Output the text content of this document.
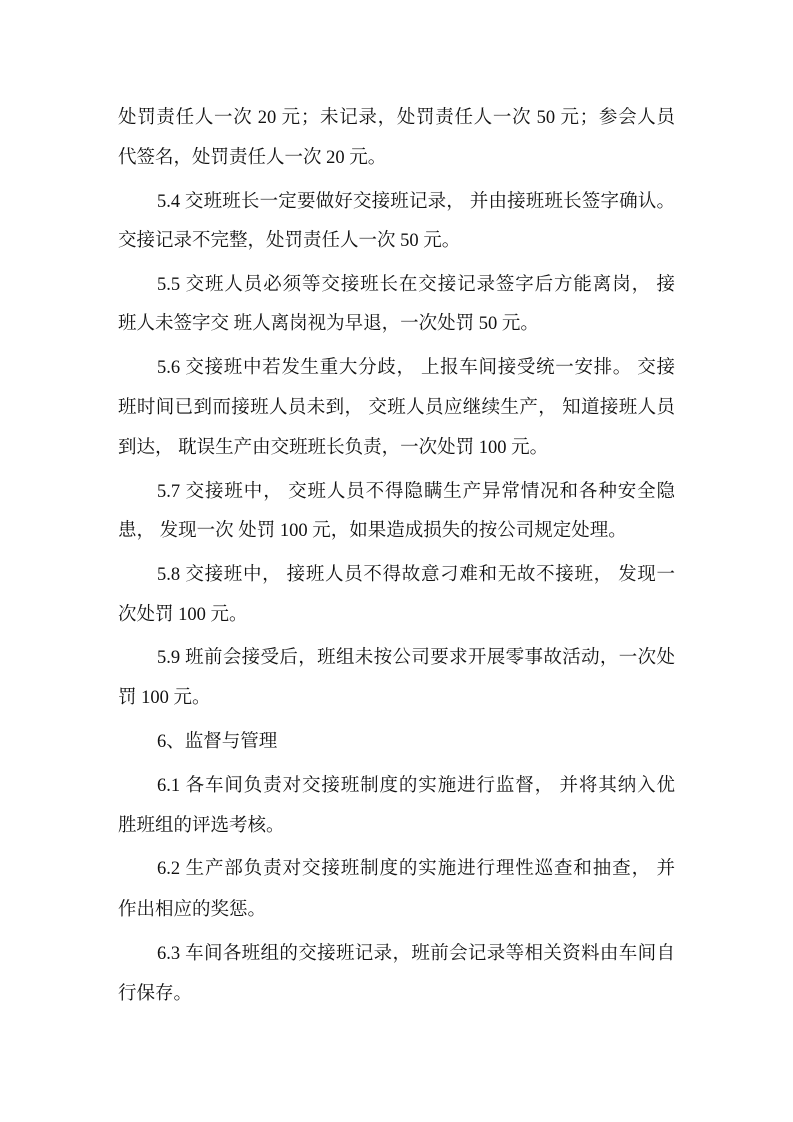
处罚责任人一次 20 元；未记录，处罚责任人一次 50 元；参会人员
代签名，处罚责任人一次 20 元。
5.4 交班班长一定要做好交接班记录， 并由接班班长签字确认。
交接记录不完整，处罚责任人一次 50 元。
5.5 交班人员必须等交接班长在交接记录签字后方能离岗， 接
班人未签字交 班人离岗视为早退，一次处罚 50 元。
5.6 交接班中若发生重大分歧， 上报车间接受统一安排。 交接
班时间已到而接班人员未到， 交班人员应继续生产， 知道接班人员
到达， 耽误生产由交班班长负责，一次处罚 100 元。
5.7 交接班中， 交班人员不得隐瞒生产异常情况和各种安全隐
患， 发现一次 处罚 100 元，如果造成损失的按公司规定处理。
5.8 交接班中， 接班人员不得故意刁难和无故不接班， 发现一
次处罚 100 元。
5.9 班前会接受后，班组未按公司要求开展零事故活动，一次处
罚 100 元。
6、监督与管理
6.1 各车间负责对交接班制度的实施进行监督， 并将其纳入优
胜班组的评选考核。
6.2 生产部负责对交接班制度的实施进行理性巡查和抽查， 并
作出相应的奖惩。
6.3 车间各班组的交接班记录，班前会记录等相关资料由车间自
行保存。
